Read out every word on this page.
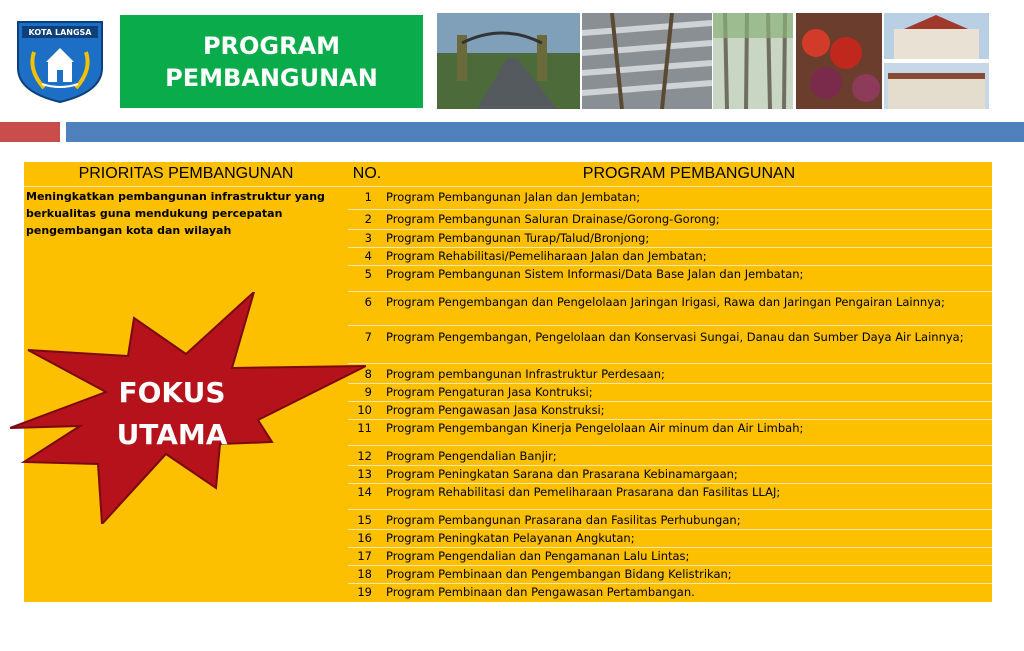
KOTA LANGSA	PROGRAM
PEMBANGUNAN
PRIORITAS PEMBANGUNAN	NO.	PROGRAM PEMBANGUNAN
Meningkatkan pembangunan infrastruktur yang berkualitas guna mendukung percepatan pengembangan kota dan wilayah
1 Program Pembangunan Jalan dan Jembatan;
2 Program Pembangunan Saluran Drainase/Gorong-Gorong;
3 Program Pembangunan Turap/Talud/Bronjong;
4 Program Rehabilitasi/Pemeliharaan Jalan dan Jembatan;
5 Program Pembangunan Sistem Informasi/Data Base Jalan dan Jembatan;
6 Program Pengembangan dan Pengelolaan Jaringan Irigasi, Rawa dan Jaringan Pengairan Lainnya;
7 Program Pengembangan, Pengelolaan dan Konservasi Sungai, Danau dan Sumber Daya Air Lainnya;
8 Program pembangunan Infrastruktur Perdesaan;
9 Program Pengaturan Jasa Kontruksi;
10 Program Pengawasan Jasa Konstruksi;
11 Program Pengembangan Kinerja Pengelolaan Air minum dan Air Limbah;
12 Program Pengendalian Banjir;
13 Program Peningkatan Sarana dan Prasarana Kebinamargaan;
14 Program Rehabilitasi dan Pemeliharaan Prasarana dan Fasilitas LLAJ;
15 Program Pembangunan Prasarana dan Fasilitas Perhubungan;
16 Program Peningkatan Pelayanan Angkutan;
17 Program Pengendalian dan Pengamanan Lalu Lintas;
18 Program Pembinaan dan Pengembangan Bidang Kelistrikan;
19 Program Pembinaan dan Pengawasan Pertambangan.
FOKUS
UTAMA
